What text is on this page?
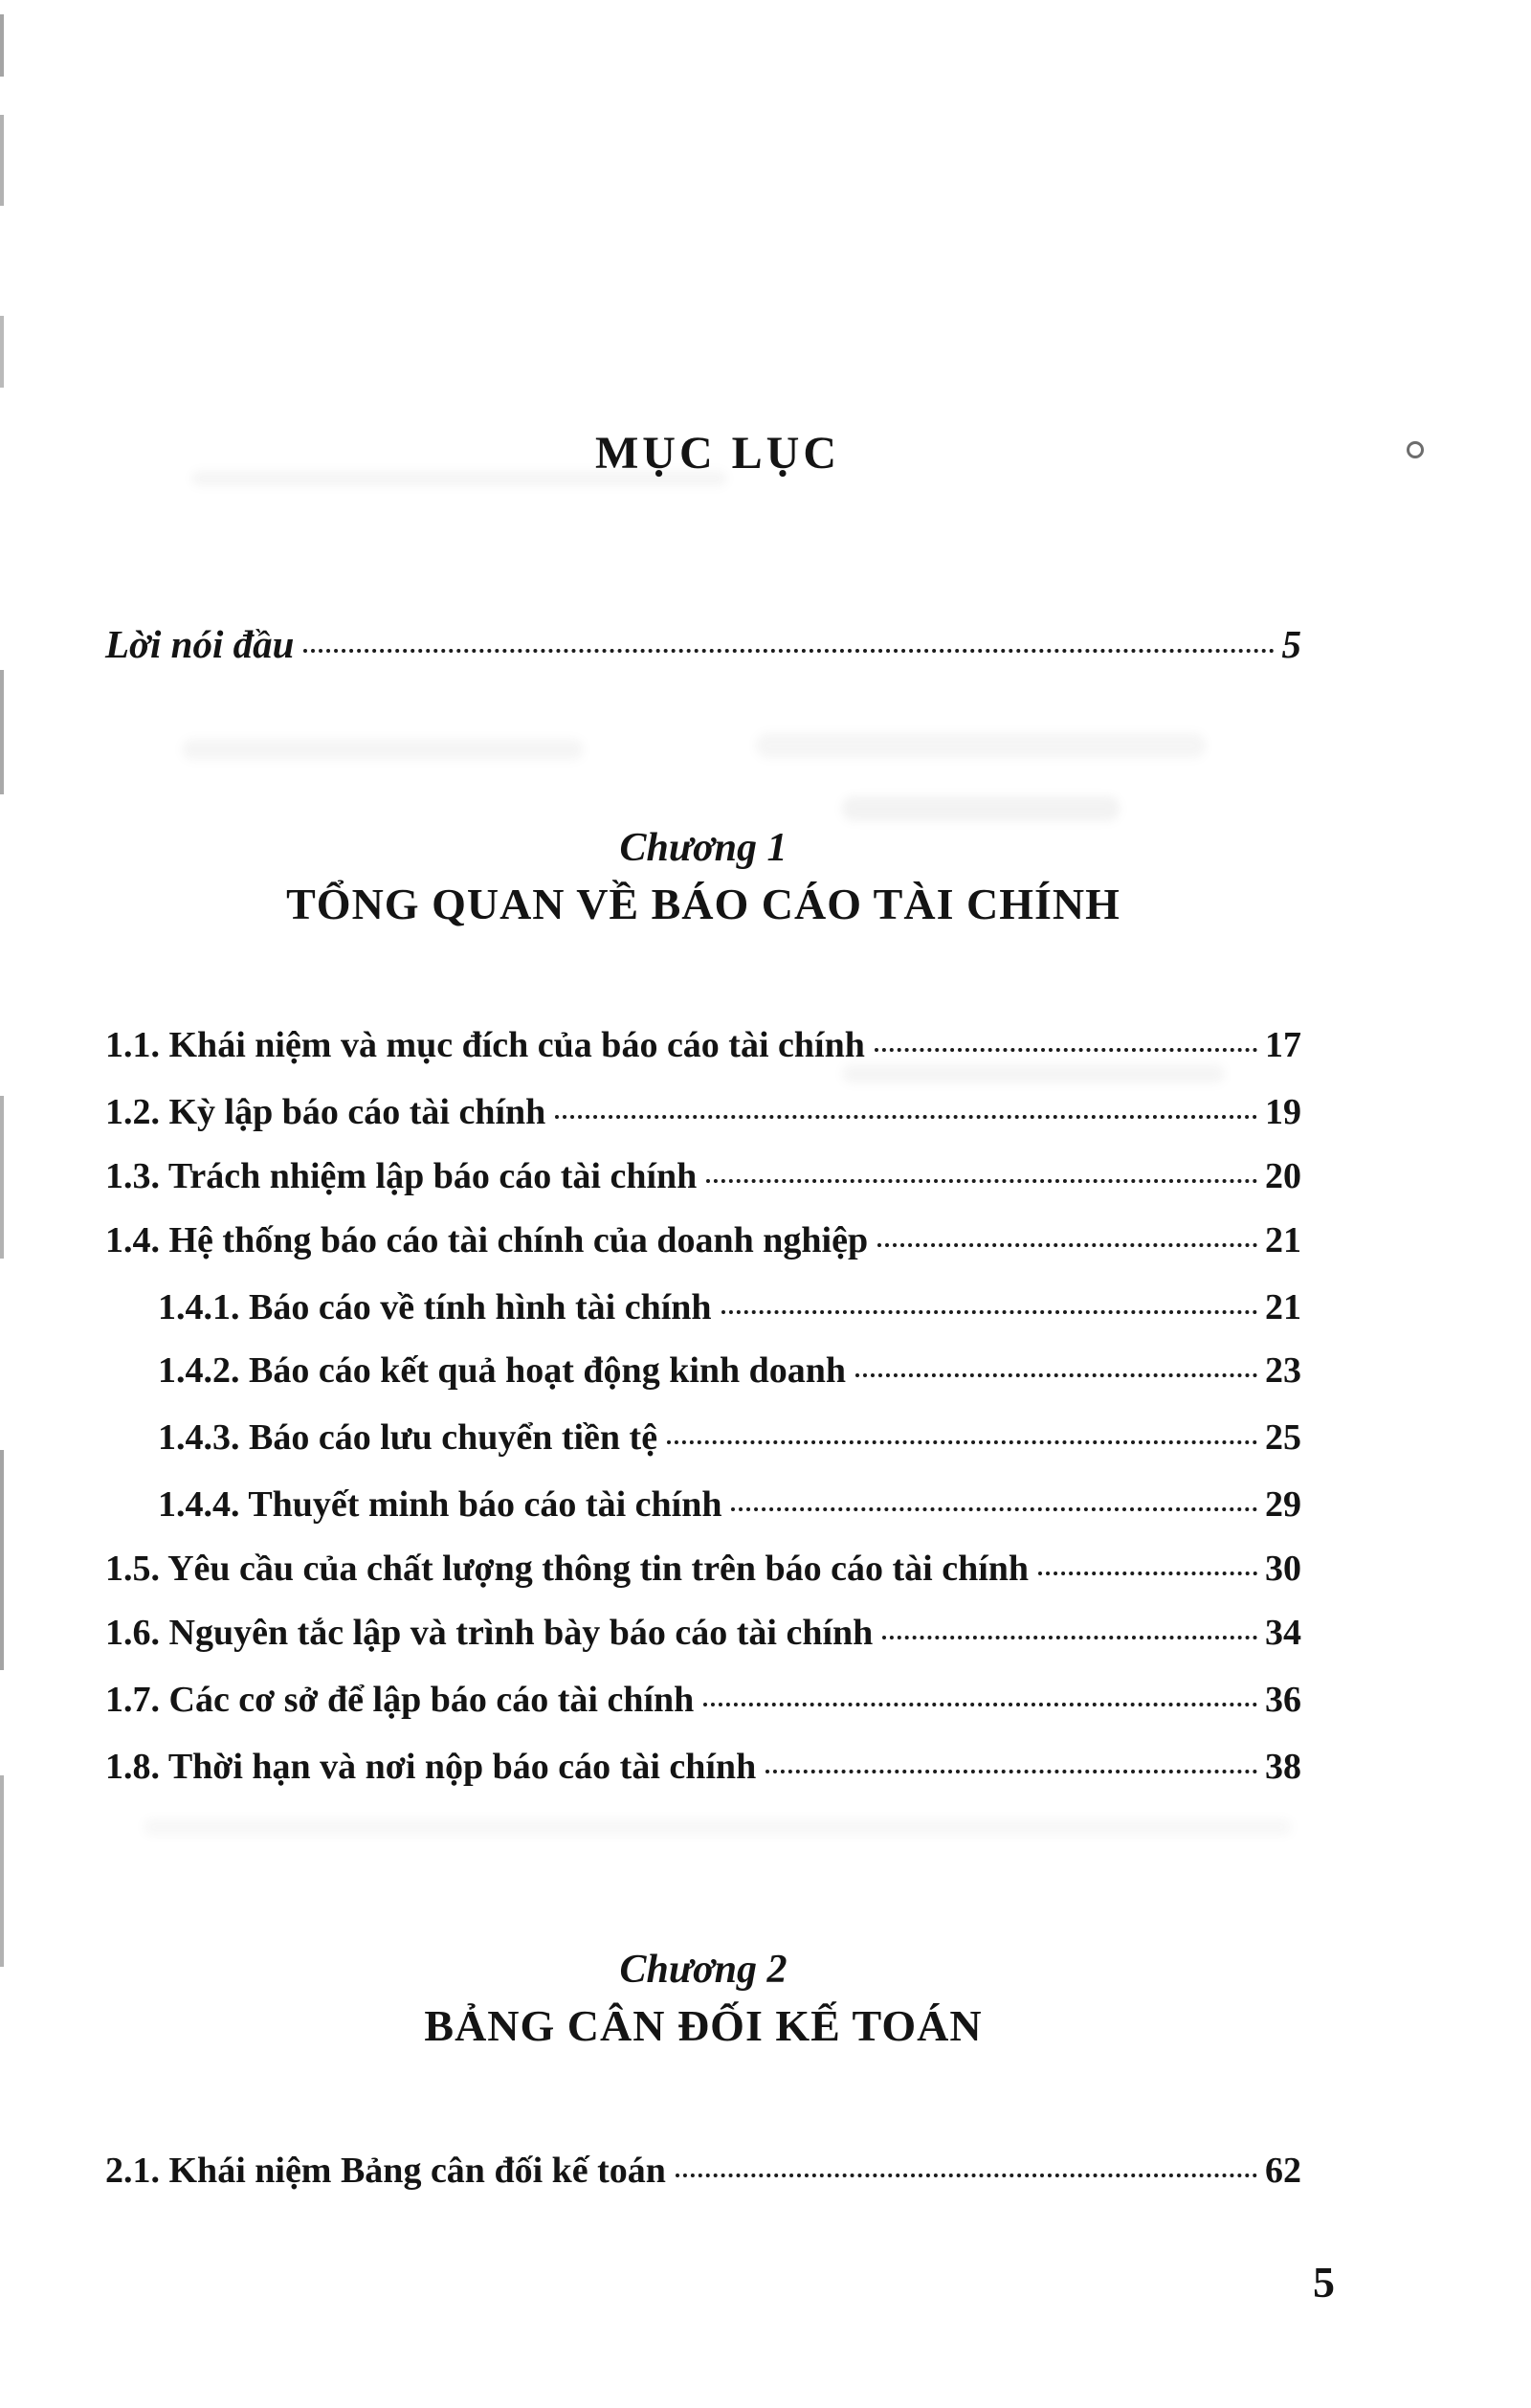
MỤC LỤC
Lời nói đầu	5
Chương 1
TỔNG QUAN VỀ BÁO CÁO TÀI CHÍNH
1.1. Khái niệm và mục đích của báo cáo tài chính	17
1.2. Kỳ lập báo cáo tài chính	19
1.3. Trách nhiệm lập báo cáo tài chính	20
1.4. Hệ thống báo cáo tài chính của doanh nghiệp	21
1.4.1. Báo cáo về tính hình tài chính	21
1.4.2. Báo cáo kết quả hoạt động kinh doanh	23
1.4.3. Báo cáo lưu chuyển tiền tệ	25
1.4.4. Thuyết minh báo cáo tài chính	29
1.5. Yêu cầu của chất lượng thông tin trên báo cáo tài chính	30
1.6. Nguyên tắc lập và trình bày báo cáo tài chính	34
1.7. Các cơ sở để lập báo cáo tài chính	36
1.8. Thời hạn và nơi nộp báo cáo tài chính	38
Chương 2
BẢNG CÂN ĐỐI KẾ TOÁN
2.1. Khái niệm Bảng cân đối kế toán	62
5
